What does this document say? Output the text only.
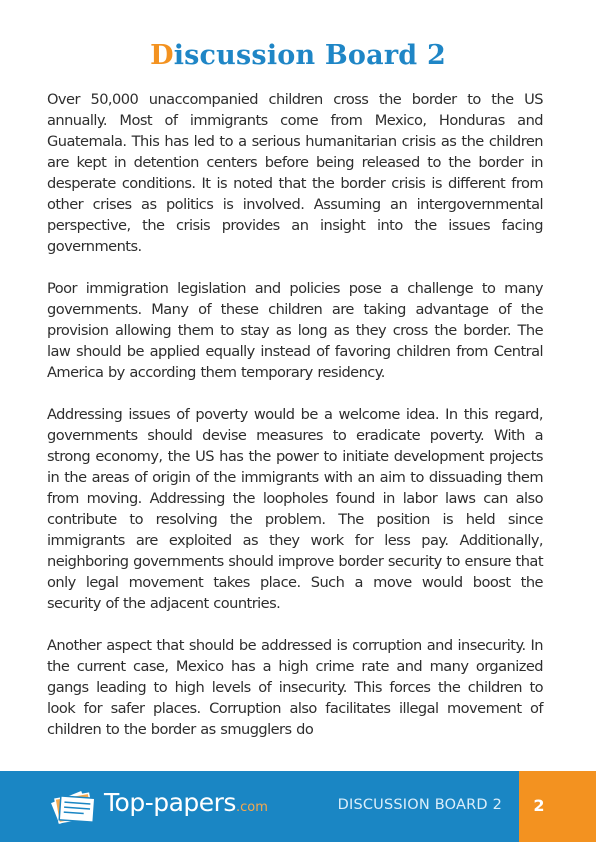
Discussion Board 2

Over 50,000 unaccompanied children cross the border to the US annually. Most of immigrants come from Mexico, Honduras and Guatemala. This has led to a serious humanitarian crisis as the children are kept in detention centers before being released to the border in desperate conditions. It is noted that the border crisis is different from other crises as politics is involved. Assuming an intergovernmental perspective, the crisis provides an insight into the issues facing governments.

Poor immigration legislation and policies pose a challenge to many governments. Many of these children are taking advantage of the provision allowing them to stay as long as they cross the border. The law should be applied equally instead of favoring children from Central America by according them temporary residency.

Addressing issues of poverty would be a welcome idea. In this regard, governments should devise measures to eradicate poverty. With a strong economy, the US has the power to initiate development projects in the areas of origin of the immigrants with an aim to dissuading them from moving. Addressing the loopholes found in labor laws can also contribute to resolving the problem. The position is held since immigrants are exploited as they work for less pay. Additionally, neighboring governments should improve border security to ensure that only legal movement takes place. Such a move would boost the security of the adjacent countries.

Another aspect that should be addressed is corruption and insecurity. In the current case, Mexico has a high crime rate and many organized gangs leading to high levels of insecurity. This forces the children to look for safer places. Corruption also facilitates illegal movement of children to the border as smugglers do

Top-papers.com	DISCUSSION BOARD 2	2
